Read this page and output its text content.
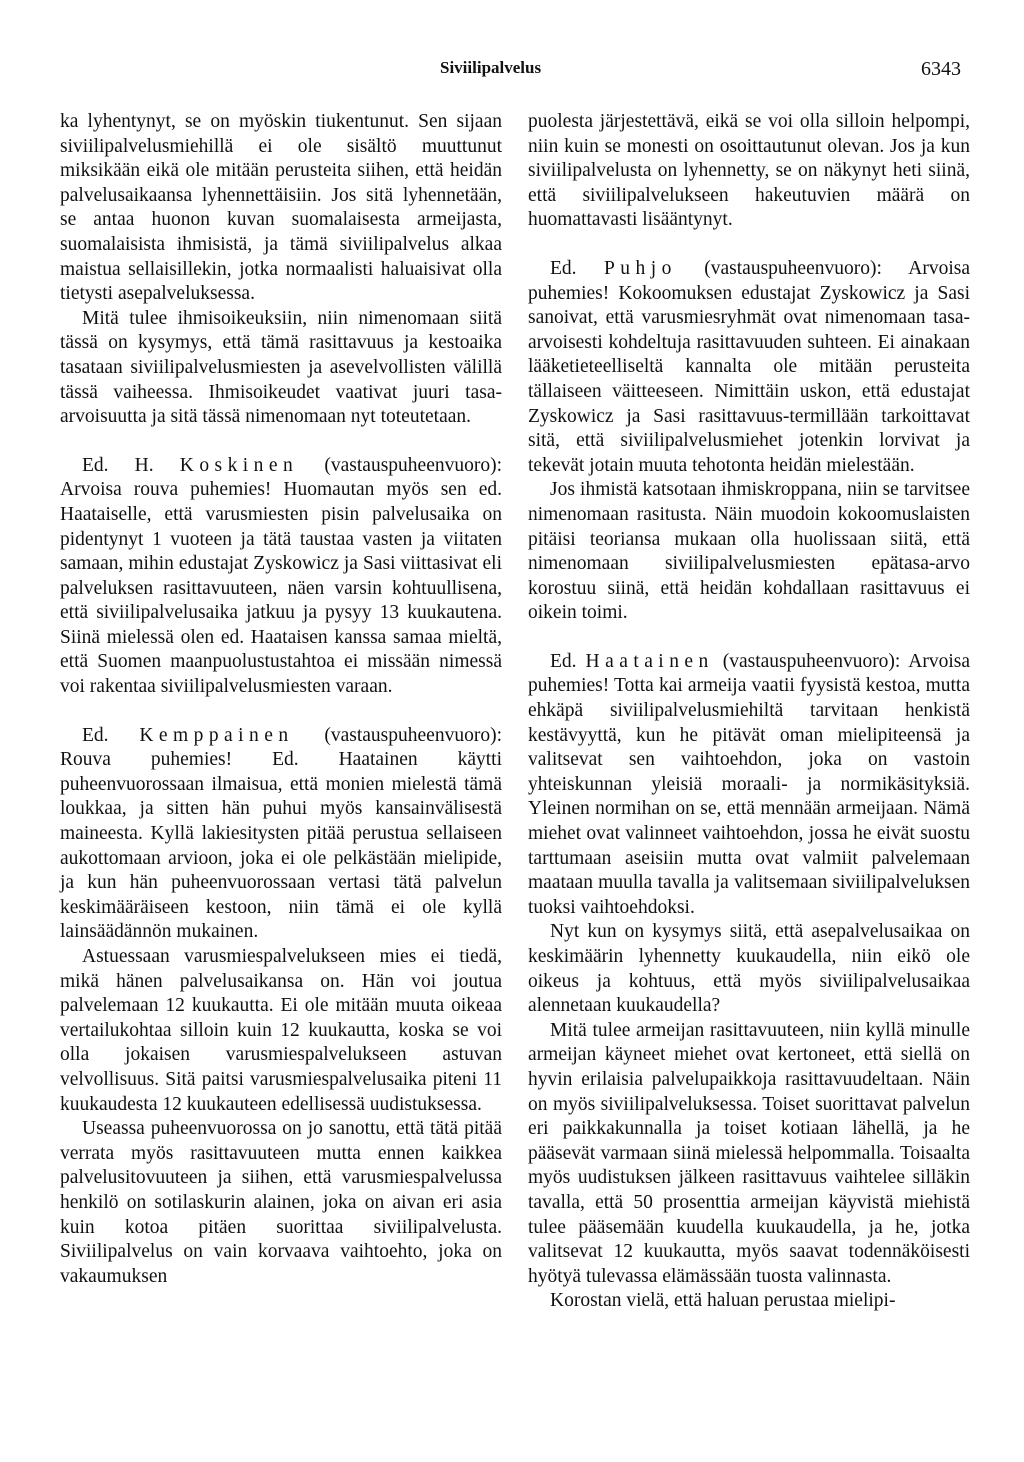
Siviilipalvelus	6343

ka lyhentynyt, se on myöskin tiukentunut. Sen sijaan siviilipalvelusmiehillä ei ole sisältö muuttunut miksikään eikä ole mitään perusteita siihen, että heidän palvelusaikaansa lyhennettäisiin. Jos sitä lyhennetään, se antaa huonon kuvan suomalaisesta armeijasta, suomalaisista ihmisistä, ja tämä siviilipalvelus alkaa maistua sellaisillekin, jotka normaalisti haluaisivat olla tietysti asepalveluksessa.

Mitä tulee ihmisoikeuksiin, niin nimenomaan siitä tässä on kysymys, että tämä rasittavuus ja kestoaika tasataan siviilipalvelusmiesten ja asevelvollisten välillä tässä vaiheessa. Ihmisoikeudet vaativat juuri tasa-arvoisuutta ja sitä tässä nimenomaan nyt toteutetaan.

Ed. H. Koskinen (vastauspuheenvuoro): Arvoisa rouva puhemies! Huomautan myös sen ed. Haataiselle, että varusmiesten pisin palvelusaika on pidentynyt 1 vuoteen ja tätä taustaa vasten ja viitaten samaan, mihin edustajat Zyskowicz ja Sasi viittasivat eli palveluksen rasittavuuteen, näen varsin kohtuullisena, että siviilipalvelusaika jatkuu ja pysyy 13 kuukautena. Siinä mielessä olen ed. Haataisen kanssa samaa mieltä, että Suomen maanpuolustustahtoa ei missään nimessä voi rakentaa siviilipalvelusmiesten varaan.

Ed. Kemppainen (vastauspuheenvuoro): Rouva puhemies! Ed. Haatainen käytti puheenvuorossaan ilmaisua, että monien mielestä tämä loukkaa, ja sitten hän puhui myös kansainvälisestä maineesta. Kyllä lakiesitysten pitää perustua sellaiseen aukottomaan arvioon, joka ei ole pelkästään mielipide, ja kun hän puheenvuorossaan vertasi tätä palvelun keskimääräiseen kestoon, niin tämä ei ole kyllä lainsäädännön mukainen.

Astuessaan varusmiespalvelukseen mies ei tiedä, mikä hänen palvelusaikansa on. Hän voi joutua palvelemaan 12 kuukautta. Ei ole mitään muuta oikeaa vertailukohtaa silloin kuin 12 kuukautta, koska se voi olla jokaisen varusmiespalvelukseen astuvan velvollisuus. Sitä paitsi varusmiespalvelusaika piteni 11 kuukaudesta 12 kuukauteen edellisessä uudistuksessa.

Useassa puheenvuorossa on jo sanottu, että tätä pitää verrata myös rasittavuuteen mutta ennen kaikkea palvelusitovuuteen ja siihen, että varusmiespalvelussa henkilö on sotilaskurin alainen, joka on aivan eri asia kuin kotoa pitäen suorittaa siviilipalvelusta. Siviilipalvelus on vain korvaava vaihtoehto, joka on vakaumuksen

puolesta järjestettävä, eikä se voi olla silloin helpompi, niin kuin se monesti on osoittautunut olevan. Jos ja kun siviilipalvelusta on lyhennetty, se on näkynyt heti siinä, että siviilipalvelukseen hakeutuvien määrä on huomattavasti lisääntynyt.

Ed. Puhjo (vastauspuheenvuoro): Arvoisa puhemies! Kokoomuksen edustajat Zyskowicz ja Sasi sanoivat, että varusmiesryhmät ovat nimenomaan tasa-arvoisesti kohdeltuja rasittavuuden suhteen. Ei ainakaan lääketieteelliseltä kannalta ole mitään perusteita tällaiseen väitteeseen. Nimittäin uskon, että edustajat Zyskowicz ja Sasi rasittavuus-termillään tarkoittavat sitä, että siviilipalvelusmiehet jotenkin lorvivat ja tekevät jotain muuta tehotonta heidän mielestään.

Jos ihmistä katsotaan ihmiskroppana, niin se tarvitsee nimenomaan rasitusta. Näin muodoin kokoomuslaisten pitäisi teoriansa mukaan olla huolissaan siitä, että nimenomaan siviilipalvelusmiesten epätasa-arvo korostuu siinä, että heidän kohdallaan rasittavuus ei oikein toimi.

Ed. Haatainen (vastauspuheenvuoro): Arvoisa puhemies! Totta kai armeija vaatii fyysistä kestoa, mutta ehkäpä siviilipalvelusmiehiltä tarvitaan henkistä kestävyyttä, kun he pitävät oman mielipiteensä ja valitsevat sen vaihtoehdon, joka on vastoin yhteiskunnan yleisiä moraali- ja normikäsityksiä. Yleinen normihan on se, että mennään armeijaan. Nämä miehet ovat valinneet vaihtoehdon, jossa he eivät suostu tarttumaan aseisiin mutta ovat valmiit palvelemaan maataan muulla tavalla ja valitsemaan siviilipalveluksen tuoksi vaihtoehdoksi.

Nyt kun on kysymys siitä, että asepalvelusaikaa on keskimäärin lyhennetty kuukaudella, niin eikö ole oikeus ja kohtuus, että myös siviilipalvelusaikaa alennetaan kuukaudella?

Mitä tulee armeijan rasittavuuteen, niin kyllä minulle armeijan käyneet miehet ovat kertoneet, että siellä on hyvin erilaisia palvelupaikkoja rasittavuudeltaan. Näin on myös siviilipalveluksessa. Toiset suorittavat palvelun eri paikkakunnalla ja toiset kotiaan lähellä, ja he pääsevät varmaan siinä mielessä helpommalla. Toisaalta myös uudistuksen jälkeen rasittavuus vaihtelee silläkin tavalla, että 50 prosenttia armeijan käyvistä miehistä tulee pääsemään kuudella kuukaudella, ja he, jotka valitsevat 12 kuukautta, myös saavat todennäköisesti hyötyä tulevassa elämässään tuosta valinnasta.

Korostan vielä, että haluan perustaa mielipi-
